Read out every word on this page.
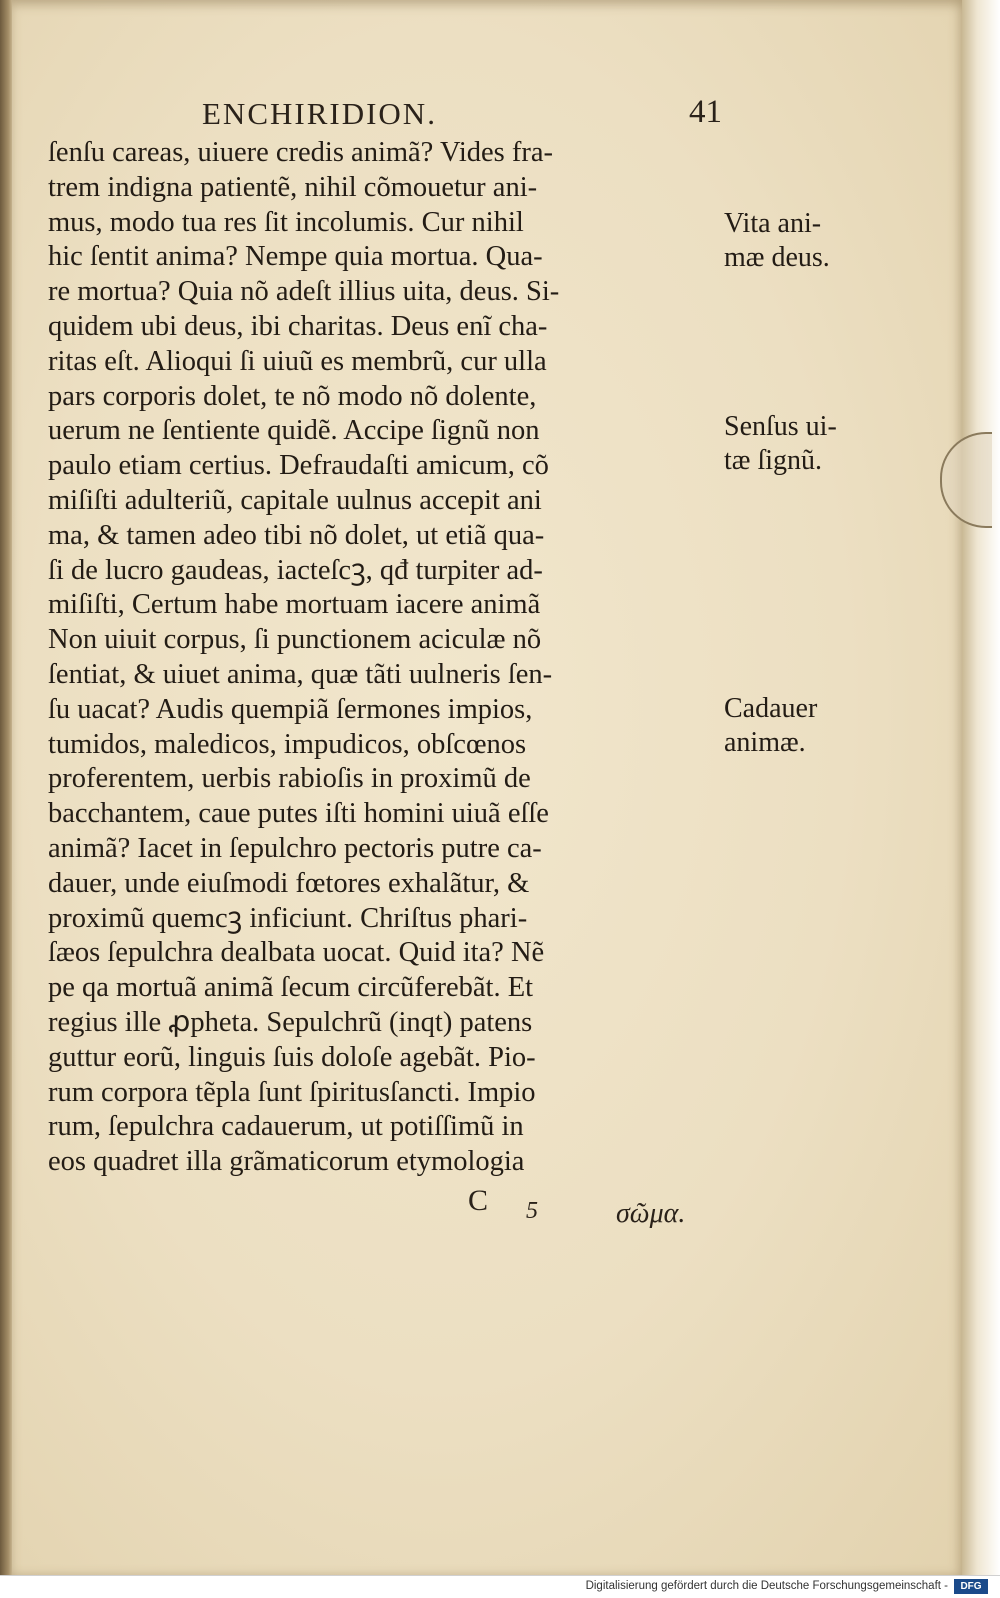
ENCHIRIDION.	41
ſenſu careas, uiuere credis animã? Vides fra-
trem indigna patientẽ, nihil cõmouetur ani-
mus, modo tua res ſit incolumis. Cur nihil
hic ſentit anima? Nempe quia mortua. Qua-
re mortua? Quia nõ adeſt illius uita, deus. Si-
quidem ubi deus, ibi charitas. Deus enĩ cha-
ritas eſt. Alioqui ſi uiuũ es membrũ, cur ulla
pars corporis dolet, te nõ modo nõ dolente,
uerum ne ſentiente quidẽ. Accipe ſignũ non
paulo etiam certius. Defraudaſti amicum, cõ
miſiſti adulteriũ, capitale uulnus accepit ani
ma, & tamen adeo tibi nõ dolet, ut etiã qua-
ſi de lucro gaudeas, iacteſcꝫ, qđ turpiter ad-
miſiſti, Certum habe mortuam iacere animã
Non uiuit corpus, ſi punctionem aciculæ nõ
ſentiat, & uiuet anima, quæ tãti uulneris ſen-
ſu uacat? Audis quempiã ſermones impios,
tumidos, maledicos, impudicos, obſcœnos
proferentem, uerbis rabioſis in proximũ de
bacchantem, caue putes iſti homini uiuã eſſe
animã? Iacet in ſepulchro pectoris putre ca-
dauer, unde eiuſmodi fœtores exhalãtur, &
proximũ quemcꝫ inficiunt. Chriſtus phari-
ſæos ſepulchra dealbata uocat. Quid ita? Nẽ
pe qa mortuã animã ſecum circũferebãt. Et
regius ille ꝓpheta. Sepulchrũ (inqt) patens
guttur eorũ, linguis ſuis doloſe agebãt. Pio-
rum corpora tẽpla ſunt ſpiritusſancti. Impio
rum, ſepulchra cadauerum, ut potiſſimũ in
eos quadret illa grãmaticorum etymologia
Vita ani-
mæ deus.
Senſus ui-
tæ ſignũ.
Cadauer
animæ.
C 5	σῶμα.
Digitalisierung gefördert durch die Deutsche Forschungsgemeinschaft -	DFG
